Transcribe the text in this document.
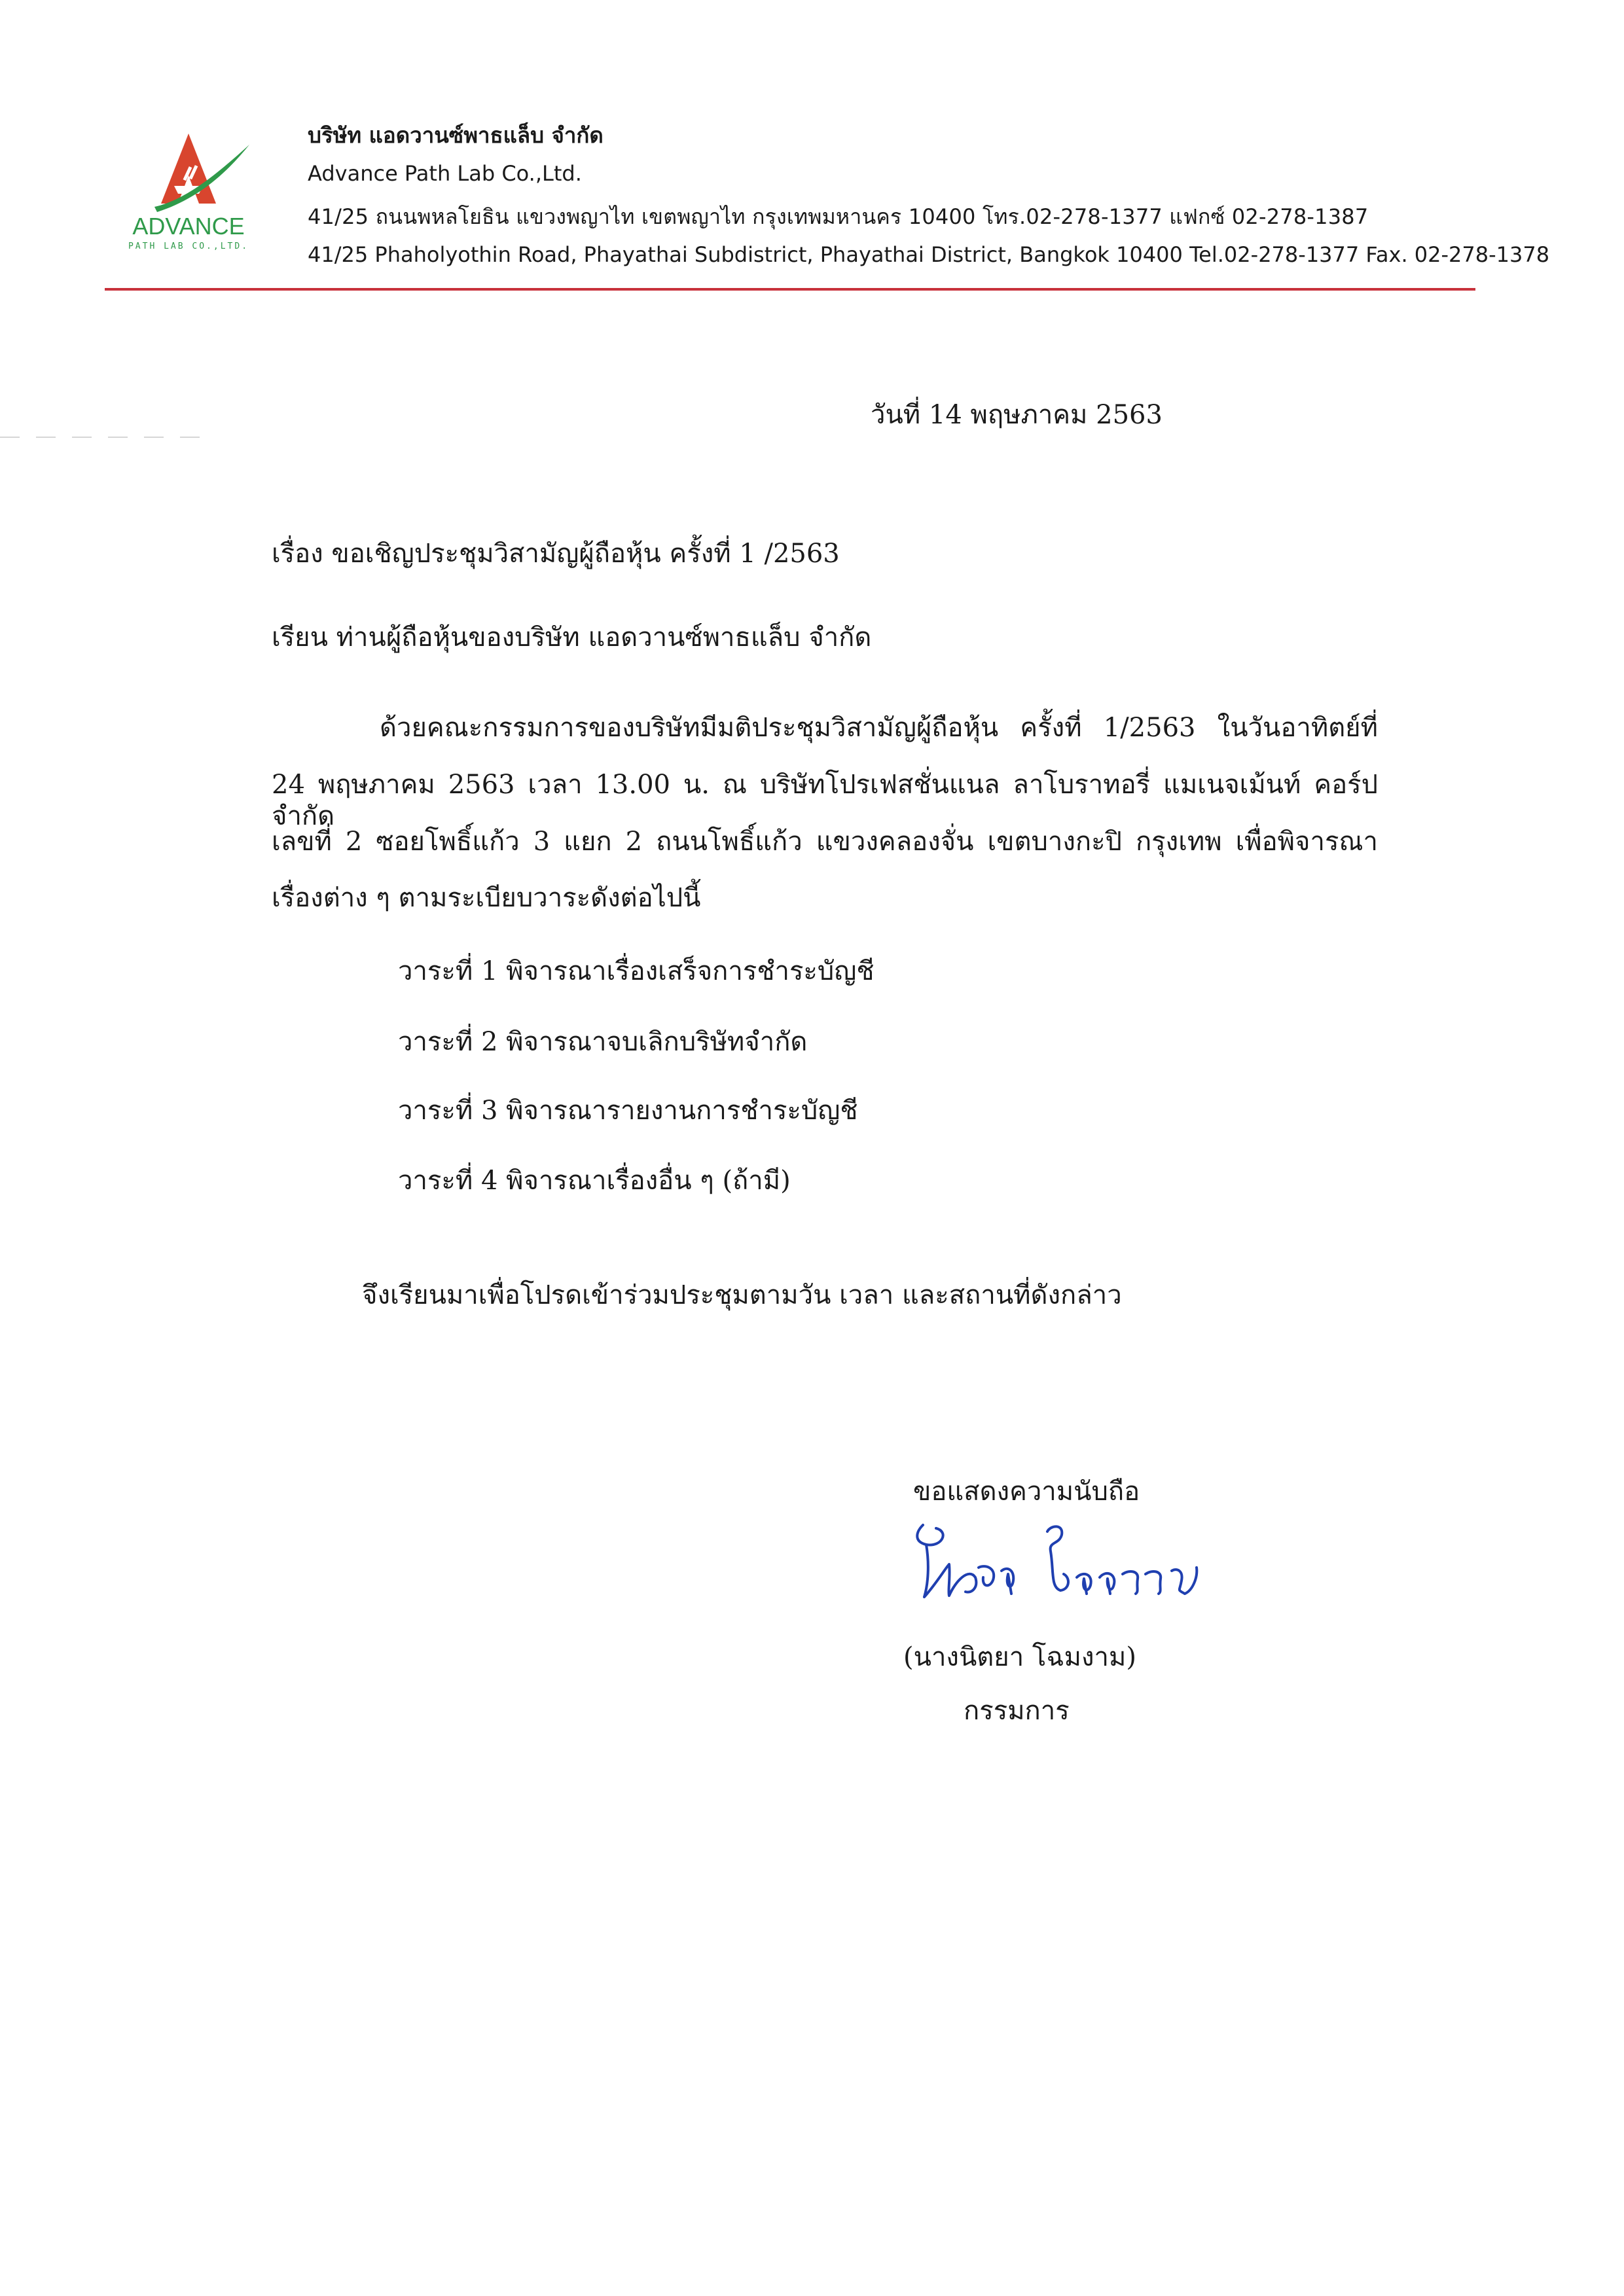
ADVANCE
PATH LAB CO.,LTD.
บริษัท แอดวานซ์พาธแล็บ จำกัด
Advance Path Lab Co.,Ltd.
41/25 ถนนพหลโยธิน แขวงพญาไท เขตพญาไท กรุงเทพมหานคร 10400 โทร.02-278-1377 แฟกซ์ 02-278-1387
41/25 Phaholyothin Road, Phayathai Subdistrict, Phayathai District, Bangkok 10400 Tel.02-278-1377 Fax. 02-278-1378
วันที่ 14 พฤษภาคม 2563
เรื่อง ขอเชิญประชุมวิสามัญผู้ถือหุ้น ครั้งที่ 1 /2563
เรียน ท่านผู้ถือหุ้นของบริษัท แอดวานซ์พาธแล็บ จำกัด
ด้วยคณะกรรมการของบริษัทมีมติประชุมวิสามัญผู้ถือหุ้น ครั้งที่ 1/2563 ในวันอาทิตย์ที่
24 พฤษภาคม 2563 เวลา 13.00 น. ณ บริษัทโปรเฟสชั่นแนล ลาโบราทอรี่ แมเนจเม้นท์ คอร์ป จำกัด
เลขที่ 2 ซอยโพธิ์แก้ว 3 แยก 2 ถนนโพธิ์แก้ว แขวงคลองจั่น เขตบางกะปิ กรุงเทพ เพื่อพิจารณา
เรื่องต่าง ๆ ตามระเบียบวาระดังต่อไปนี้
วาระที่ 1 พิจารณาเรื่องเสร็จการชำระบัญชี
วาระที่ 2 พิจารณาจบเลิกบริษัทจำกัด
วาระที่ 3 พิจารณารายงานการชำระบัญชี
วาระที่ 4 พิจารณาเรื่องอื่น ๆ (ถ้ามี)
จึงเรียนมาเพื่อโปรดเข้าร่วมประชุมตามวัน เวลา และสถานที่ดังกล่าว
ขอแสดงความนับถือ
(นางนิตยา โฉมงาม)
กรรมการ
